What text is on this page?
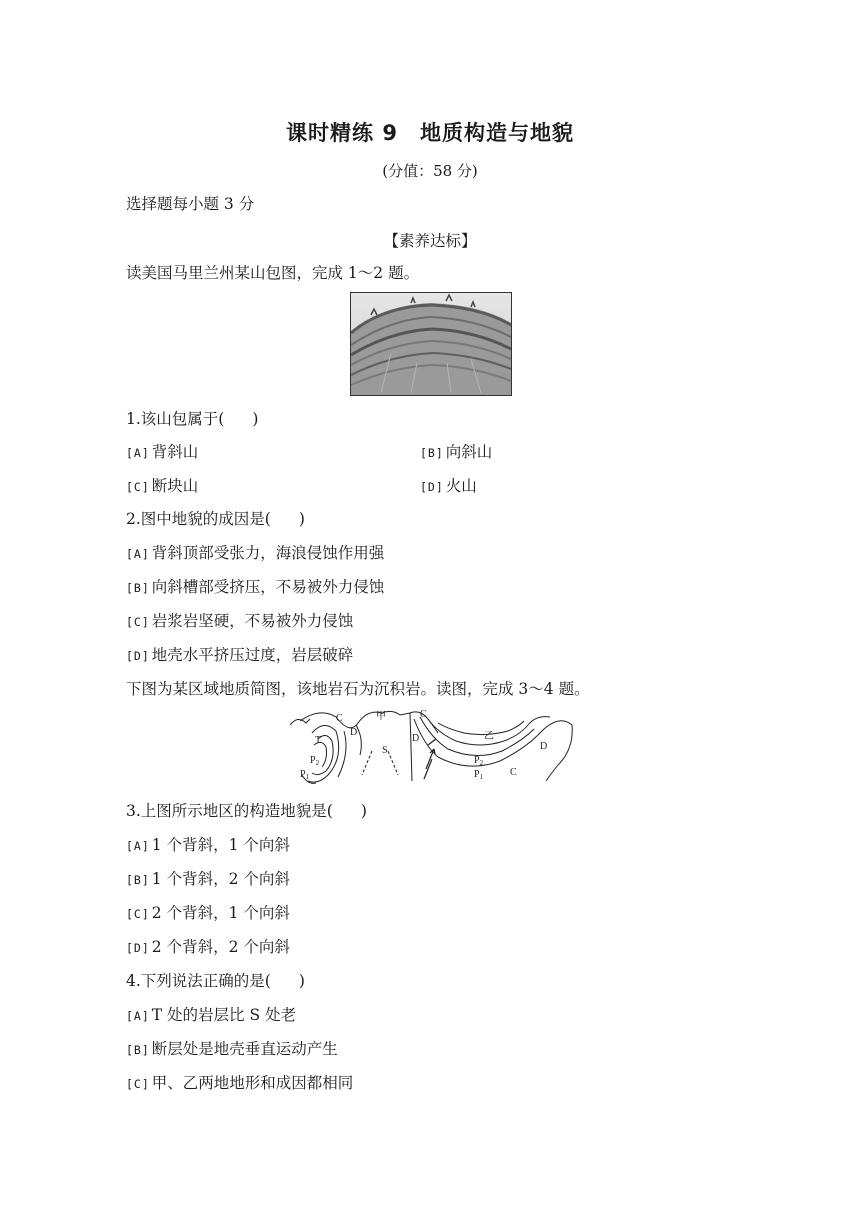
课时精练 9 地质构造与地貌
(分值：58 分)
选择题每小题 3 分
【素养达标】
读美国马里兰州某山包图，完成 1～2 题。
1.该山包属于( )
[A] 背斜山	[B] 向斜山
[C] 断块山	[D] 火山
2.图中地貌的成因是( )
[A] 背斜顶部受张力，海浪侵蚀作用强
[B] 向斜槽部受挤压，不易被外力侵蚀
[C] 岩浆岩坚硬，不易被外力侵蚀
[D] 地壳水平挤压过度，岩层破碎
下图为某区域地质简图，该地岩石为沉积岩。读图，完成 3～4 题。
T
$P_2$
$P_1$
C
D
甲
S
C
D	乙
D
$P_2$
$P_1$	C
3.上图所示地区的构造地貌是( )
[A] 1 个背斜，1 个向斜
[B] 1 个背斜，2 个向斜
[C] 2 个背斜，1 个向斜
[D] 2 个背斜，2 个向斜
4.下列说法正确的是( )
[A] T 处的岩层比 S 处老
[B] 断层处是地壳垂直运动产生
[C] 甲、乙两地地形和成因都相同
